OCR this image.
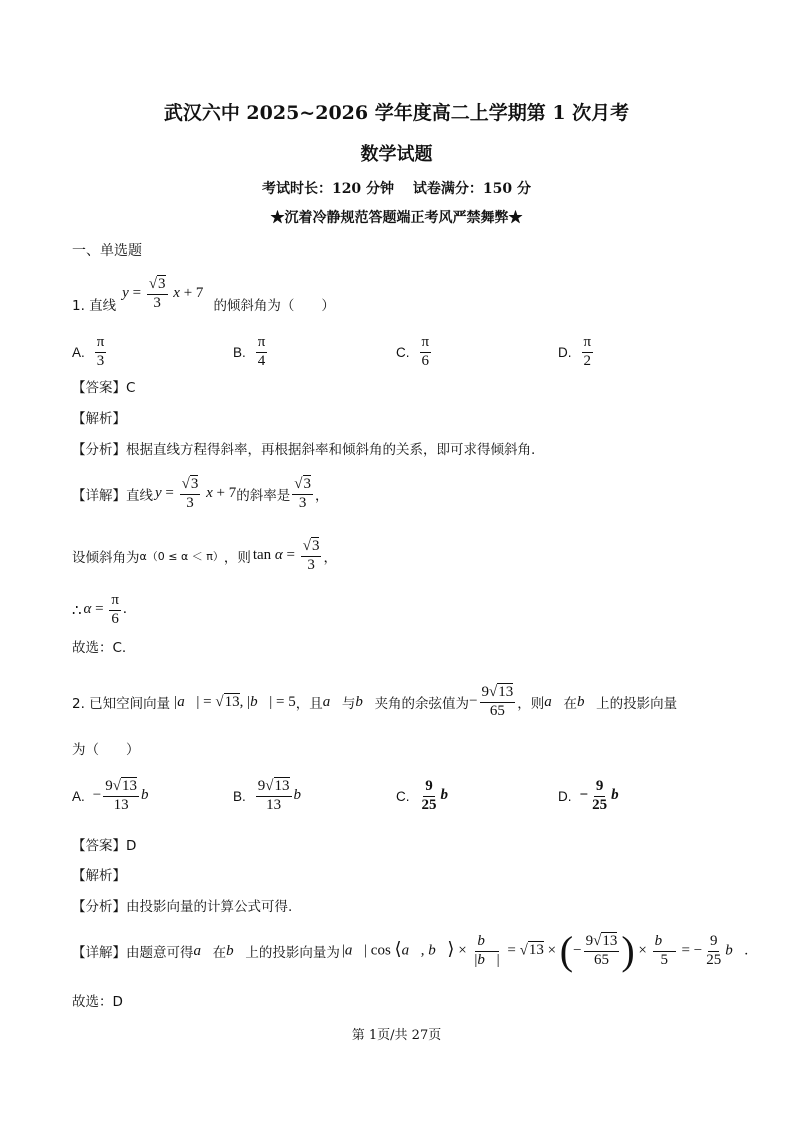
武汉六中 2025~2026 学年度高二上学期第 1 次月考
数学试题
考试时长：120 分钟　 试卷满分：150 分
★沉着冷静规范答题端正考风严禁舞弊★
一、单选题
1. 直线
$y = \frac{√3}{3}$ x + 7
的倾斜角为（　　）
A. $\frac{\pi}{3}$	B. $\frac{\pi}{4}$	C. $\frac{\pi}{6}$	D. $\frac{\pi}{2}$
【答案】C
【解析】
【分析】根据直线方程得斜率，再根据斜率和倾斜角的关系，即可求得倾斜角.
【详解】直线 $y = \frac{√3}{3}$ x + 7 的斜率是 $\frac{√3}{3}$ ，
设倾斜角为 α（0 ≤ α ＜ π） ，则 $\tan \alpha = \frac{√3}{3}$ ，
∴ $\alpha = \frac{\pi}{6}$ .
故选：C.
2. 已知空间向量 |a⃗| = √13, |b⃗| = 5 ，且 a⃗ 与 b⃗ 夹角的余弦值为 − $\frac{9√13}{65}$ ，则 a⃗ 在 b⃗ 上的投影向量
为（　　）
A. − $\frac{9√13}{13}$ b⃗	B. $\frac{9√13}{13}$ b⃗	C. $\frac{9}{25}$ b⃗	D. − $\frac{9}{25}$ b⃗
【答案】D
【解析】
【分析】由投影向量的计算公式可得.
【详解】由题意可得 a⃗ 在 b⃗ 上的投影向量为 |a⃗| cos ⟨a⃗, b⃗⟩ × $\frac{b⃗}{|b⃗|} = √13$ × (− $\frac{9√13}{65}$ ) × $\frac{b⃗}{5}$ = − $\frac{9}{25}$ b⃗.
故选：D
第 1页/共 27页
